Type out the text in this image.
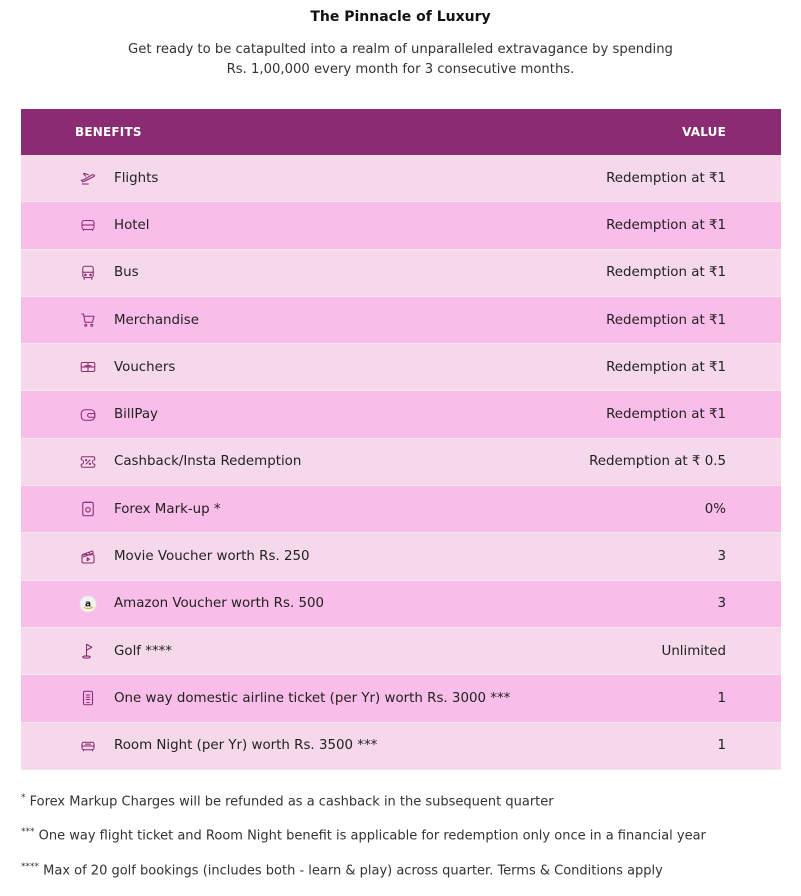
The Pinnacle of Luxury
Get ready to be catapulted into a realm of unparalleled extravagance by spending
Rs. 1,00,000 every month for 3 consecutive months.
BENEFITS	VALUE
Flights	Redemption at ₹1
Hotel	Redemption at ₹1
Bus	Redemption at ₹1
Merchandise	Redemption at ₹1
Vouchers	Redemption at ₹1
BillPay	Redemption at ₹1
Cashback/Insta Redemption	Redemption at ₹ 0.5
Forex Mark-up *	0%
Movie Voucher worth Rs. 250	3
a Amazon Voucher worth Rs. 500	3
Golf ****	Unlimited
One way domestic airline ticket (per Yr) worth Rs. 3000 ***	1
Room Night (per Yr) worth Rs. 3500 ***	1
* Forex Markup Charges will be refunded as a cashback in the subsequent quarter
*** One way flight ticket and Room Night benefit is applicable for redemption only once in a financial year
**** Max of 20 golf bookings (includes both - learn & play) across quarter. Terms & Conditions apply
